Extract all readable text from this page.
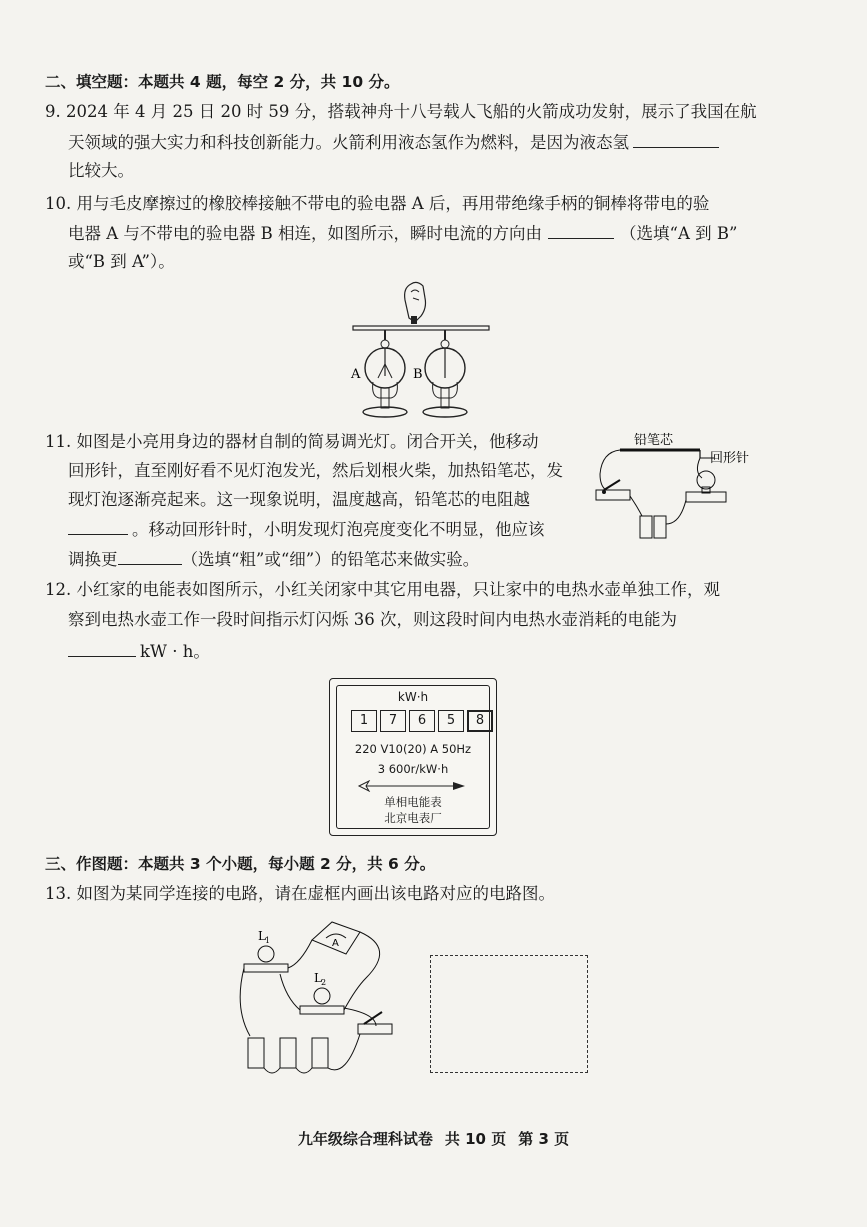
二、填空题：本题共 4 题，每空 2 分，共 10 分。
9. 2024 年 4 月 25 日 20 时 59 分，搭载神舟十八号载人飞船的火箭成功发射，展示了我国在航
天领域的强大实力和科技创新能力。火箭利用液态氢作为燃料，是因为液态氢
比较大。
10. 用与毛皮摩擦过的橡胶棒接触不带电的验电器 A 后，再用带绝缘手柄的铜棒将带电的验
电器 A 与不带电的验电器 B 相连，如图所示，瞬时电流的方向由	（选填“A 到 B”
或“B 到 A”）。
A	B
11. 如图是小亮用身边的器材自制的简易调光灯。闭合开关，他移动
回形针，直至刚好看不见灯泡发光，然后划根火柴，加热铅笔芯，发
现灯泡逐渐亮起来。这一现象说明，温度越高，铅笔芯的电阻越
。移动回形针时，小明发现灯泡亮度变化不明显，他应该
调换更	（选填“粗”或“细”）的铅笔芯来做实验。
铅笔芯
回形针
12. 小红家的电能表如图所示，小红关闭家中其它用电器，只让家中的电热水壶单独工作，观
察到电热水壶工作一段时间指示灯闪烁 36 次，则这段时间内电热水壶消耗的电能为
kW · h。
kW·h
1	7	6	5	8
220 V10(20) A 50Hz
3 600r/kW·h
单相电能表
北京电表厂
三、作图题：本题共 3 个小题，每小题 2 分，共 6 分。
13. 如图为某同学连接的电路，请在虚框内画出该电路对应的电路图。
L 1	A
L 2
九年级综合理科试卷 共 10 页 第 3 页
